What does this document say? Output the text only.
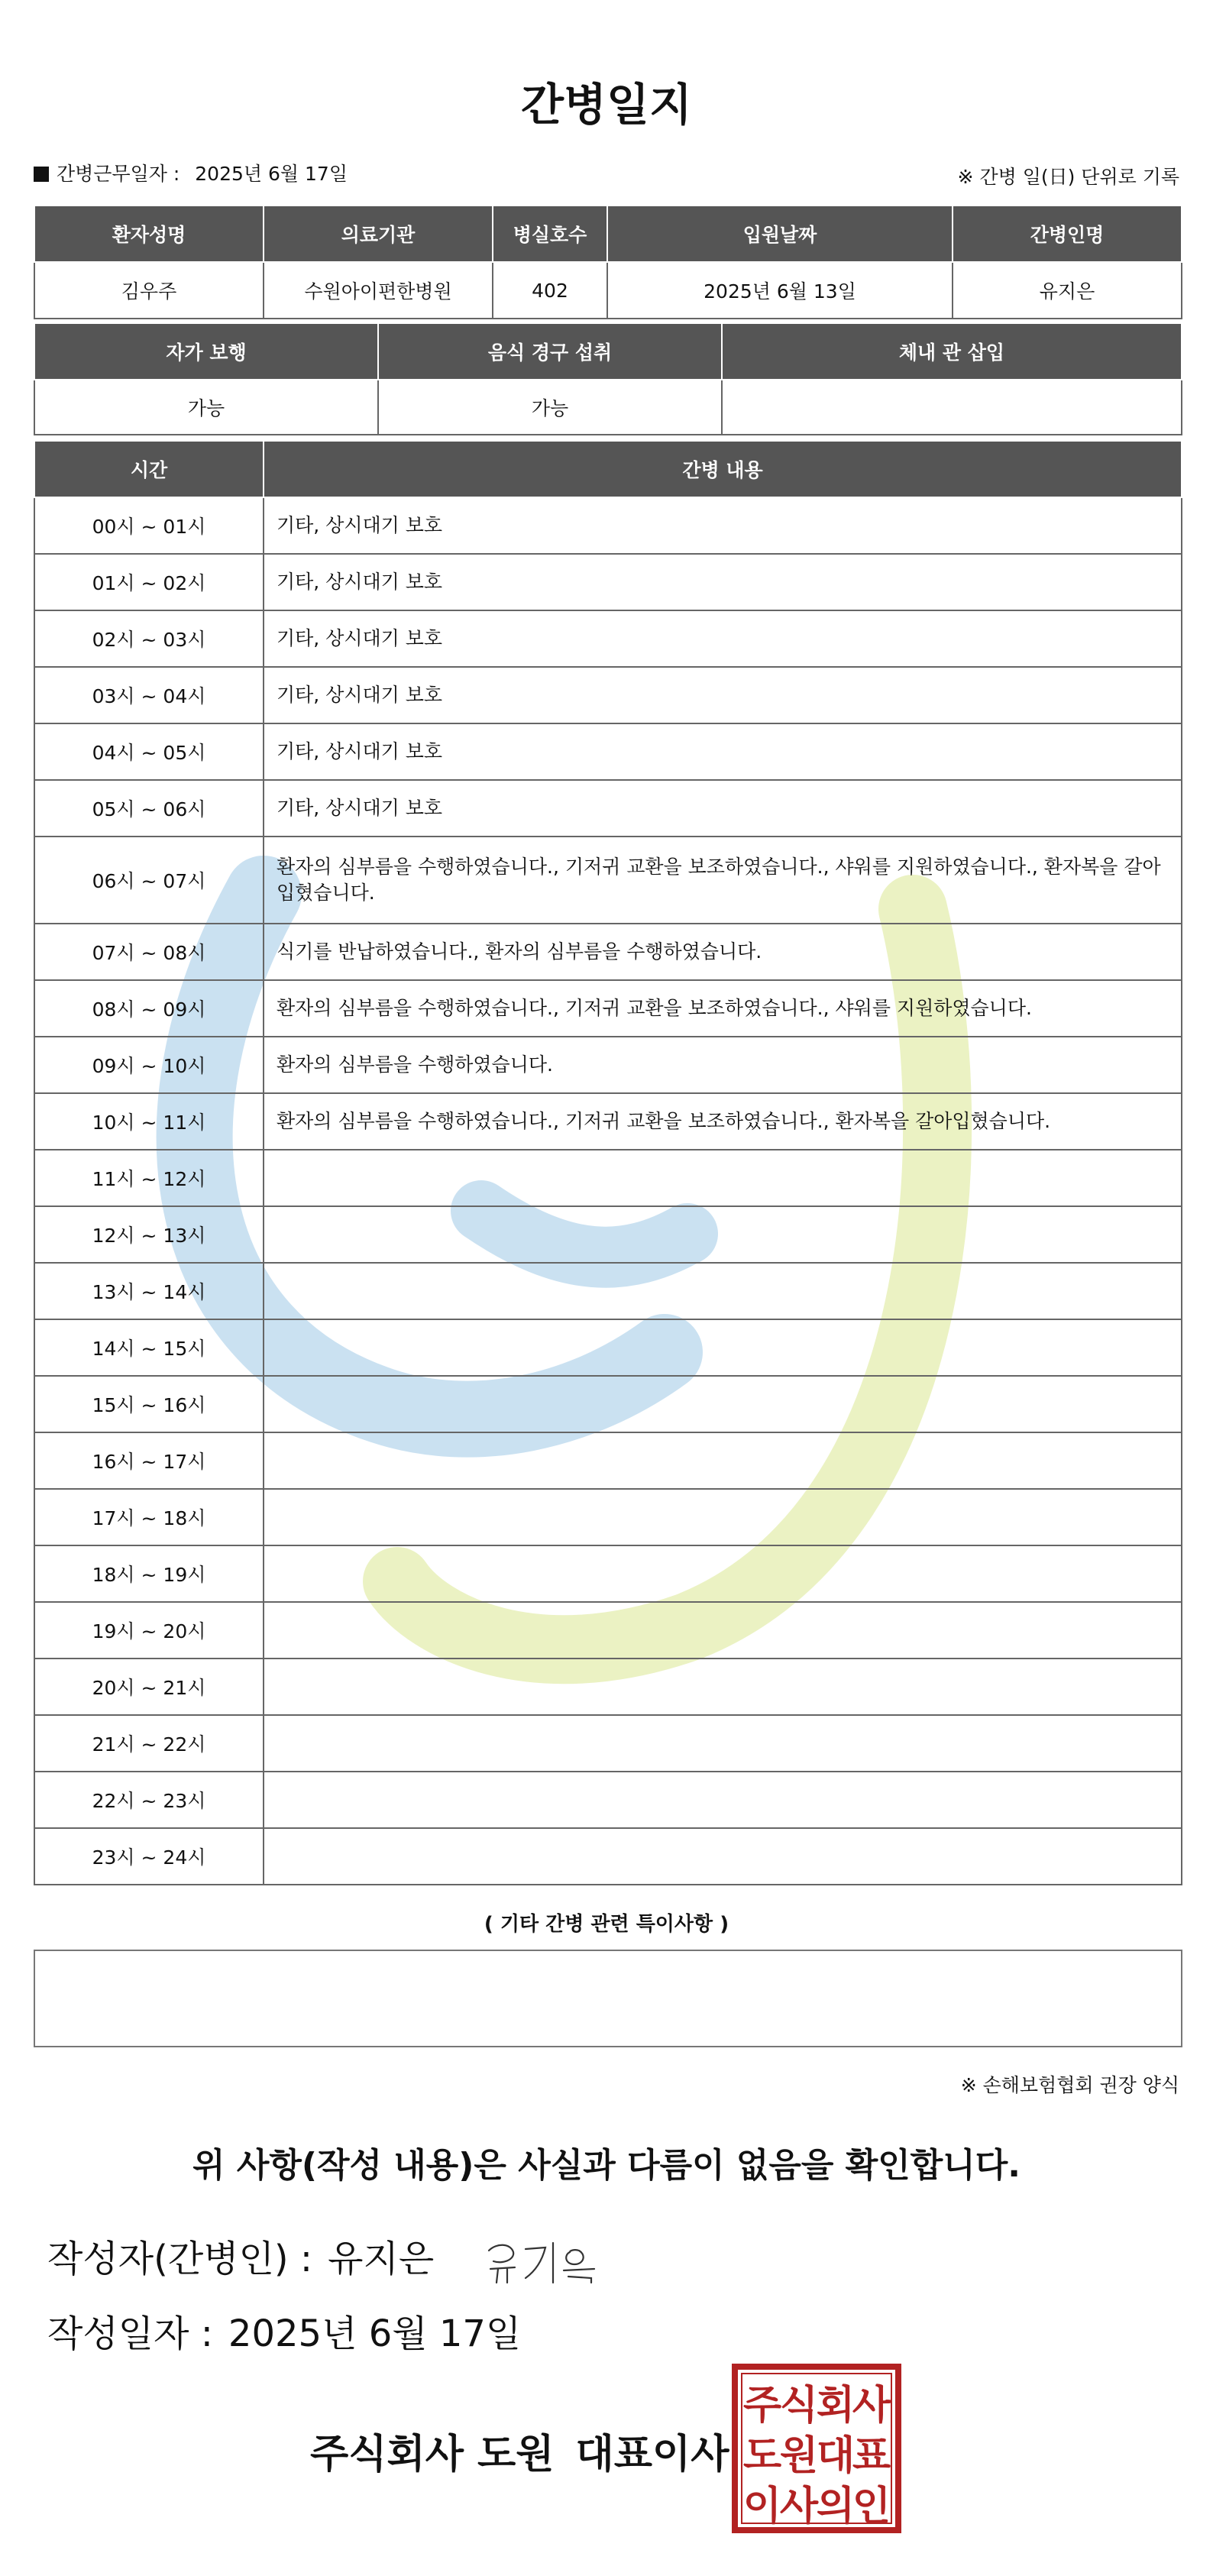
간병일지
간병근무일자 : 2025년 6월 17일	※ 간병 일(日) 단위로 기록
환자성명	의료기관	병실호수	입원날짜	간병인명
김우주	수원아이편한병원	402	2025년 6월 13일	유지은
자가 보행	음식 경구 섭취	체내 관 삽입
가능	가능	
시간	간병 내용
00시 ~ 01시	기타, 상시대기 보호
01시 ~ 02시	기타, 상시대기 보호
02시 ~ 03시	기타, 상시대기 보호
03시 ~ 04시	기타, 상시대기 보호
04시 ~ 05시	기타, 상시대기 보호
05시 ~ 06시	기타, 상시대기 보호
06시 ~ 07시	환자의 심부름을 수행하였습니다., 기저귀 교환을 보조하였습니다., 샤워를 지원하였습니다., 환자복을 갈아입혔습니다.
07시 ~ 08시	식기를 반납하였습니다., 환자의 심부름을 수행하였습니다.
08시 ~ 09시	환자의 심부름을 수행하였습니다., 기저귀 교환을 보조하였습니다., 샤워를 지원하였습니다.
09시 ~ 10시	환자의 심부름을 수행하였습니다.
10시 ~ 11시	환자의 심부름을 수행하였습니다., 기저귀 교환을 보조하였습니다., 환자복을 갈아입혔습니다.
11시 ~ 12시	
12시 ~ 13시	
13시 ~ 14시	
14시 ~ 15시	
15시 ~ 16시	
16시 ~ 17시	
17시 ~ 18시	
18시 ~ 19시	
19시 ~ 20시	
20시 ~ 21시	
21시 ~ 22시	
22시 ~ 23시	
23시 ~ 24시	
( 기타 간병 관련 특이사항 )
※ 손해보험협회 권장 양식
위 사항(작성 내용)은 사실과 다름이 없음을 확인합니다.
작성자(간병인) : 유지은
작성일자 : 2025년 6월 17일
주식회사 도원 대표이사
주
식
회
사
도
원
대
표
이
사
의
인
